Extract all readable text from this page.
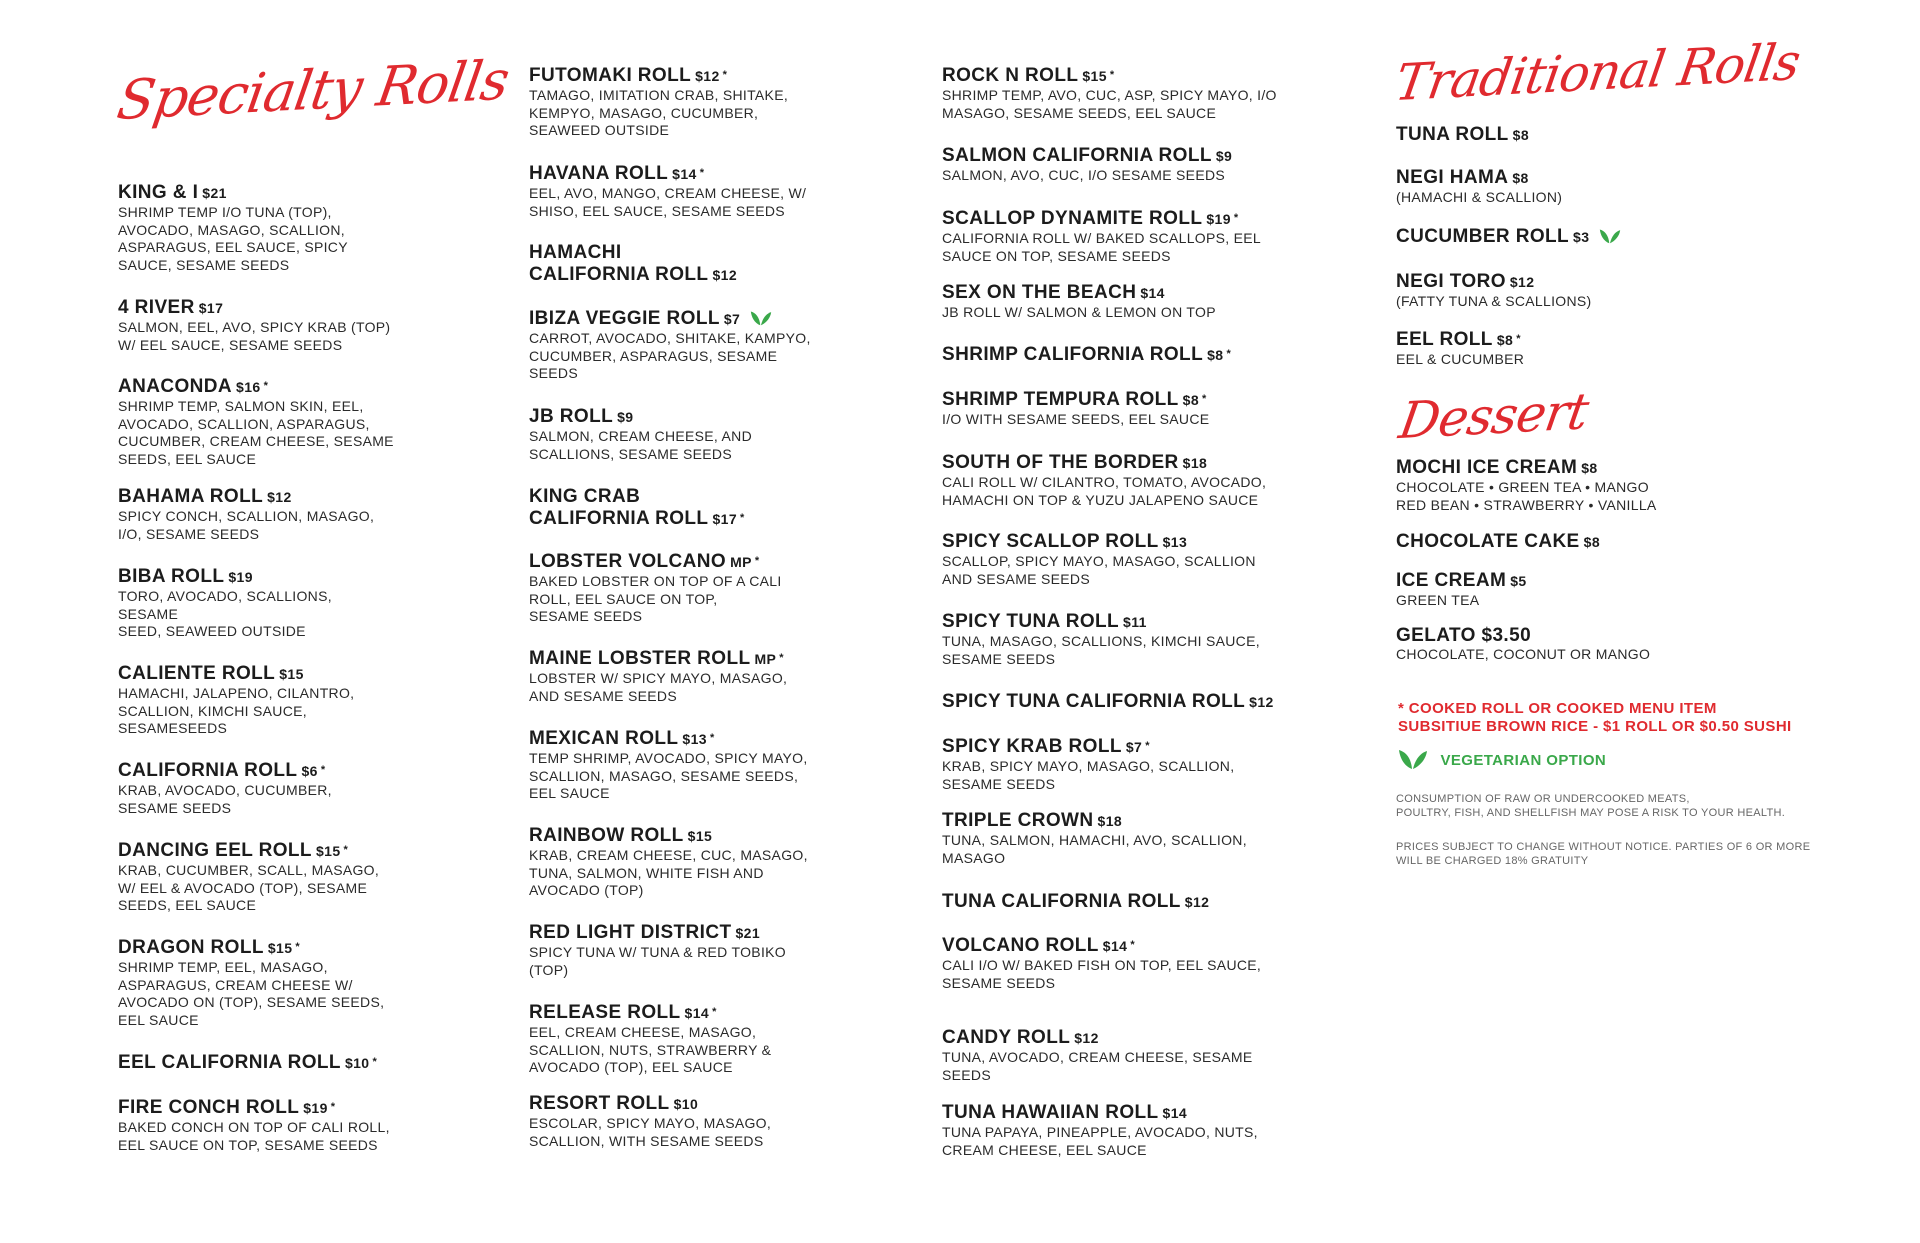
Specialty Rolls
KING & I $21
SHRIMP TEMP I/O TUNA (TOP),
AVOCADO, MASAGO, SCALLION,
ASPARAGUS, EEL SAUCE, SPICY
SAUCE, SESAME SEEDS
4 RIVER $17
SALMON, EEL, AVO, SPICY KRAB (TOP)
W/ EEL SAUCE, SESAME SEEDS
ANACONDA $16 *
SHRIMP TEMP, SALMON SKIN, EEL,
AVOCADO, SCALLION, ASPARAGUS,
CUCUMBER, CREAM CHEESE, SESAME
SEEDS, EEL SAUCE
BAHAMA ROLL $12
SPICY CONCH, SCALLION, MASAGO,
I/O, SESAME SEEDS
BIBA ROLL $19
TORO, AVOCADO, SCALLIONS,
SESAME
SEED, SEAWEED OUTSIDE
CALIENTE ROLL $15
HAMACHI, JALAPENO, CILANTRO,
SCALLION, KIMCHI SAUCE,
SESAMESEEDS
CALIFORNIA ROLL $6 *
KRAB, AVOCADO, CUCUMBER,
SESAME SEEDS
DANCING EEL ROLL $15 *
KRAB, CUCUMBER, SCALL, MASAGO,
W/ EEL & AVOCADO (TOP), SESAME
SEEDS, EEL SAUCE
DRAGON ROLL $15 *
SHRIMP TEMP, EEL, MASAGO,
ASPARAGUS, CREAM CHEESE W/
AVOCADO ON (TOP), SESAME SEEDS,
EEL SAUCE
EEL CALIFORNIA ROLL $10 *
FIRE CONCH ROLL $19 *
BAKED CONCH ON TOP OF CALI ROLL,
EEL SAUCE ON TOP, SESAME SEEDS
FUTOMAKI ROLL $12 *
TAMAGO, IMITATION CRAB, SHITAKE,
KEMPYO, MASAGO, CUCUMBER,
SEAWEED OUTSIDE
HAVANA ROLL $14 *
EEL, AVO, MANGO, CREAM CHEESE, W/
SHISO, EEL SAUCE, SESAME SEEDS
HAMACHI
CALIFORNIA ROLL $12
IBIZA VEGGIE ROLL $7
CARROT, AVOCADO, SHITAKE, KAMPYO,
CUCUMBER, ASPARAGUS, SESAME
SEEDS
JB ROLL $9
SALMON, CREAM CHEESE, AND
SCALLIONS, SESAME SEEDS
KING CRAB
CALIFORNIA ROLL $17 *
LOBSTER VOLCANO MP *
BAKED LOBSTER ON TOP OF A CALI
ROLL, EEL SAUCE ON TOP,
SESAME SEEDS
MAINE LOBSTER ROLL MP *
LOBSTER W/ SPICY MAYO, MASAGO,
AND SESAME SEEDS
MEXICAN ROLL $13 *
TEMP SHRIMP, AVOCADO, SPICY MAYO,
SCALLION, MASAGO, SESAME SEEDS,
EEL SAUCE
RAINBOW ROLL $15
KRAB, CREAM CHEESE, CUC, MASAGO,
TUNA, SALMON, WHITE FISH AND
AVOCADO (TOP)
RED LIGHT DISTRICT $21
SPICY TUNA W/ TUNA & RED TOBIKO
(TOP)
RELEASE ROLL $14 *
EEL, CREAM CHEESE, MASAGO,
SCALLION, NUTS, STRAWBERRY &
AVOCADO (TOP), EEL SAUCE
RESORT ROLL $10
ESCOLAR, SPICY MAYO, MASAGO,
SCALLION, WITH SESAME SEEDS
ROCK N ROLL $15 *
SHRIMP TEMP, AVO, CUC, ASP, SPICY MAYO, I/O
MASAGO, SESAME SEEDS, EEL SAUCE
SALMON CALIFORNIA ROLL $9
SALMON, AVO, CUC, I/O SESAME SEEDS
SCALLOP DYNAMITE ROLL $19 *
CALIFORNIA ROLL W/ BAKED SCALLOPS, EEL
SAUCE ON TOP, SESAME SEEDS
SEX ON THE BEACH $14
JB ROLL W/ SALMON & LEMON ON TOP
SHRIMP CALIFORNIA ROLL $8 *
SHRIMP TEMPURA ROLL $8 *
I/O WITH SESAME SEEDS, EEL SAUCE
SOUTH OF THE BORDER $18
CALI ROLL W/ CILANTRO, TOMATO, AVOCADO,
HAMACHI ON TOP & YUZU JALAPENO SAUCE
SPICY SCALLOP ROLL $13
SCALLOP, SPICY MAYO, MASAGO, SCALLION
AND SESAME SEEDS
SPICY TUNA ROLL $11
TUNA, MASAGO, SCALLIONS, KIMCHI SAUCE,
SESAME SEEDS
SPICY TUNA CALIFORNIA ROLL $12
SPICY KRAB ROLL $7 *
KRAB, SPICY MAYO, MASAGO, SCALLION,
SESAME SEEDS
TRIPLE CROWN $18
TUNA, SALMON, HAMACHI, AVO, SCALLION,
MASAGO
TUNA CALIFORNIA ROLL $12
VOLCANO ROLL $14 *
CALI I/O W/ BAKED FISH ON TOP, EEL SAUCE,
SESAME SEEDS
CANDY ROLL $12
TUNA, AVOCADO, CREAM CHEESE, SESAME
SEEDS
TUNA HAWAIIAN ROLL $14
TUNA PAPAYA, PINEAPPLE, AVOCADO, NUTS,
CREAM CHEESE, EEL SAUCE
Traditional Rolls
TUNA ROLL $8
NEGI HAMA $8
(HAMACHI & SCALLION)
CUCUMBER ROLL $3
NEGI TORO $12
(FATTY TUNA & SCALLIONS)
EEL ROLL $8 *
EEL & CUCUMBER
Dessert
MOCHI ICE CREAM $8
CHOCOLATE • GREEN TEA • MANGO
RED BEAN • STRAWBERRY • VANILLA
CHOCOLATE CAKE $8
ICE CREAM $5
GREEN TEA
GELATO $3.50
CHOCOLATE, COCONUT OR MANGO
* COOKED ROLL OR COOKED MENU ITEM
SUBSITIUE BROWN RICE - $1 ROLL OR $0.50 SUSHI
VEGETARIAN OPTION
CONSUMPTION OF RAW OR UNDERCOOKED MEATS,
POULTRY, FISH, AND SHELLFISH MAY POSE A RISK TO YOUR HEALTH.
PRICES SUBJECT TO CHANGE WITHOUT NOTICE. PARTIES OF 6 OR MORE
WILL BE CHARGED 18% GRATUITY
